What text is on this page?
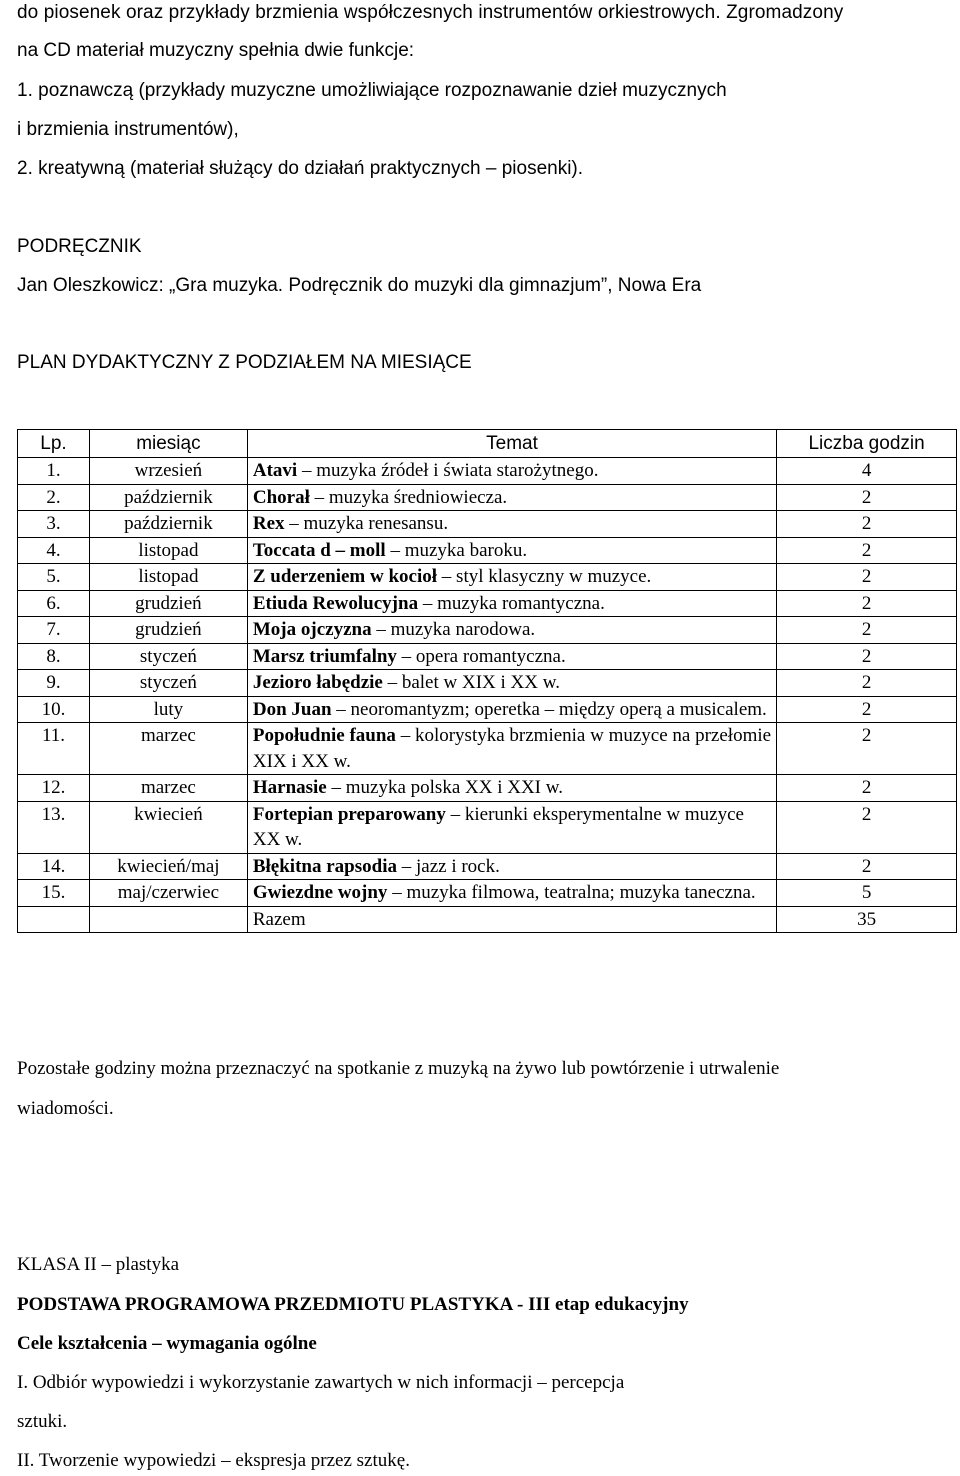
do piosenek oraz przykłady brzmienia współczesnych instrumentów orkiestrowych. Zgromadzony
na CD materiał muzyczny spełnia dwie funkcje:
1. poznawczą (przykłady muzyczne umożliwiające rozpoznawanie dzieł muzycznych
i brzmienia instrumentów),
2. kreatywną (materiał służący do działań praktycznych – piosenki).
PODRĘCZNIK
Jan Oleszkowicz: „Gra muzyka. Podręcznik do muzyki dla gimnazjum”, Nowa Era
PLAN DYDAKTYCZNY Z PODZIAŁEM NA MIESIĄCE
Lp.	miesiąc	Temat	Liczba godzin
1.	wrzesień	Atavi – muzyka źródeł i świata starożytnego.	4
2.	październik	Chorał – muzyka średniowiecza.	2
3.	październik	Rex – muzyka renesansu.	2
4.	listopad	Toccata d – moll – muzyka baroku.	2
5.	listopad	Z uderzeniem w kocioł – styl klasyczny w muzyce.	2
6.	grudzień	Etiuda Rewolucyjna – muzyka romantyczna.	2
7.	grudzień	Moja ojczyzna – muzyka narodowa.	2
8.	styczeń	Marsz triumfalny – opera romantyczna.	2
9.	styczeń	Jezioro łabędzie – balet w XIX i XX w.	2
10.	luty	Don Juan – neoromantyzm; operetka – między operą a musicalem.	2
11.	marzec	Popołudnie fauna – kolorystyka brzmienia w muzyce na przełomie XIX i XX w.	2
12.	marzec	Harnasie – muzyka polska XX i XXI w.	2
13.	kwiecień	Fortepian preparowany – kierunki eksperymentalne w muzyce XX w.	2
14.	kwiecień/maj	Błękitna rapsodia – jazz i rock.	2
15.	maj/czerwiec	Gwiezdne wojny – muzyka filmowa, teatralna; muzyka taneczna.	5
		Razem	35
Pozostałe godziny można przeznaczyć na spotkanie z muzyką na żywo lub powtórzenie i utrwalenie
wiadomości.
KLASA II – plastyka
PODSTAWA PROGRAMOWA PRZEDMIOTU PLASTYKA - III etap edukacyjny
Cele kształcenia – wymagania ogólne
I. Odbiór wypowiedzi i wykorzystanie zawartych w nich informacji – percepcja
sztuki.
II. Tworzenie wypowiedzi – ekspresja przez sztukę.
